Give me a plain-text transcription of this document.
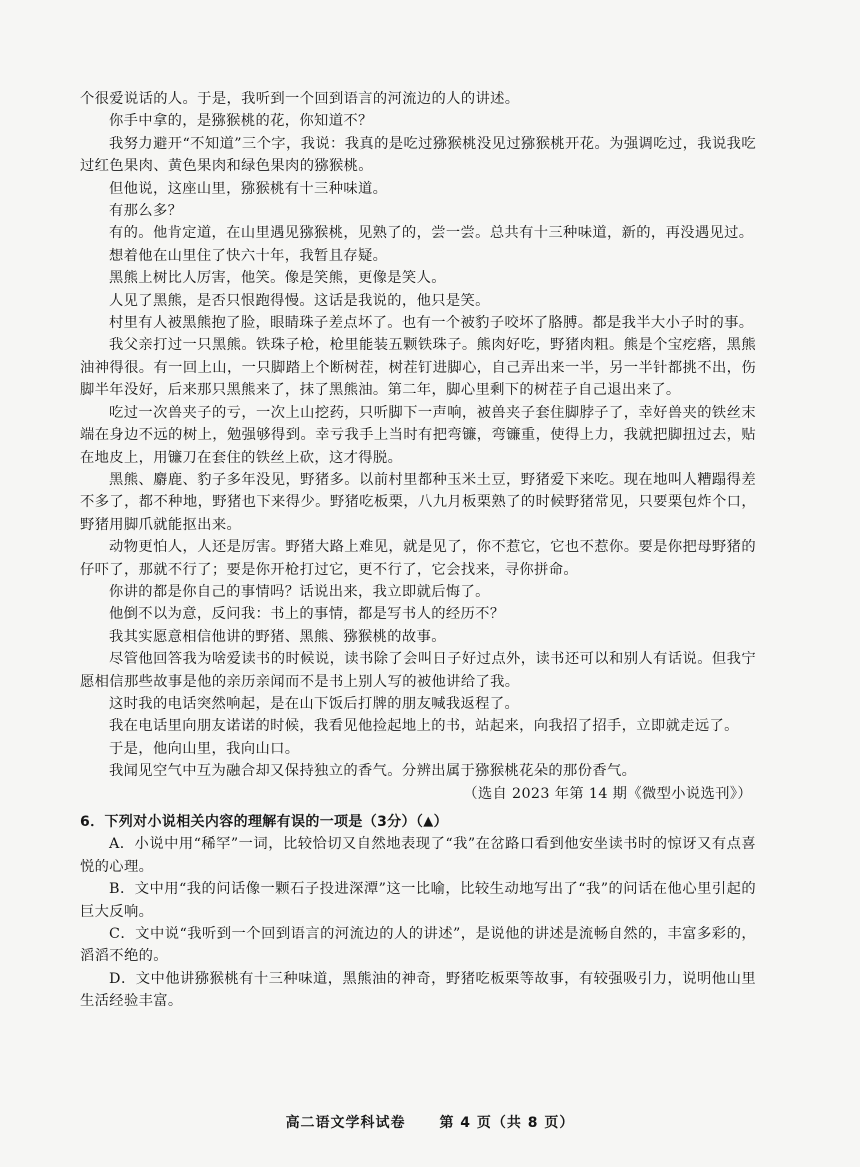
个很爱说话的人。于是，我听到一个回到语言的河流边的人的讲述。

你手中拿的，是猕猴桃的花，你知道不？

我努力避开“不知道”三个字，我说：我真的是吃过猕猴桃没见过猕猴桃开花。为强调吃过，我说我吃过红色果肉、黄色果肉和绿色果肉的猕猴桃。

但他说，这座山里，猕猴桃有十三种味道。

有那么多？

有的。他肯定道，在山里遇见猕猴桃，见熟了的，尝一尝。总共有十三种味道，新的，再没遇见过。

想着他在山里住了快六十年，我暂且存疑。

黑熊上树比人厉害，他笑。像是笑熊，更像是笑人。

人见了黑熊，是否只恨跑得慢。这话是我说的，他只是笑。

村里有人被黑熊抱了脸，眼睛珠子差点坏了。也有一个被豹子咬坏了胳膊。都是我半大小子时的事。

我父亲打过一只黑熊。铁珠子枪，枪里能装五颗铁珠子。熊肉好吃，野猪肉粗。熊是个宝疙瘩，黑熊油神得很。有一回上山，一只脚踏上个断树茬，树茬钉进脚心，自己弄出来一半，另一半针都挑不出，伤脚半年没好，后来那只黑熊来了，抹了黑熊油。第二年，脚心里剩下的树茬子自己退出来了。

吃过一次兽夹子的亏，一次上山挖药，只听脚下一声响，被兽夹子套住脚脖子了，幸好兽夹的铁丝末端在身边不远的树上，勉强够得到。幸亏我手上当时有把弯镰，弯镰重，使得上力，我就把脚扭过去，贴在地皮上，用镰刀在套住的铁丝上砍，这才得脱。

黑熊、麝鹿、豹子多年没见，野猪多。以前村里都种玉米土豆，野猪爱下来吃。现在地叫人糟蹋得差不多了，都不种地，野猪也下来得少。野猪吃板栗，八九月板栗熟了的时候野猪常见，只要栗包炸个口，野猪用脚爪就能抠出来。

动物更怕人，人还是厉害。野猪大路上难见，就是见了，你不惹它，它也不惹你。要是你把母野猪的仔吓了，那就不行了；要是你开枪打过它，更不行了，它会找来，寻你拼命。

你讲的都是你自己的事情吗？话说出来，我立即就后悔了。

他倒不以为意，反问我：书上的事情，都是写书人的经历不？

我其实愿意相信他讲的野猪、黑熊、猕猴桃的故事。

尽管他回答我为啥爱读书的时候说，读书除了会叫日子好过点外，读书还可以和别人有话说。但我宁愿相信那些故事是他的亲历亲闻而不是书上别人写的被他讲给了我。

这时我的电话突然响起，是在山下饭后打牌的朋友喊我返程了。

我在电话里向朋友诺诺的时候，我看见他捡起地上的书，站起来，向我招了招手，立即就走远了。

于是，他向山里，我向山口。

我闻见空气中互为融合却又保持独立的香气。分辨出属于猕猴桃花朵的那份香气。

（选自 2023 年第 14 期《微型小说选刊》）

6．下列对小说相关内容的理解有误的一项是（3分）（▲）

A．小说中用“稀罕”一词，比较恰切又自然地表现了“我”在岔路口看到他安坐读书时的惊讶又有点喜悦的心理。

B．文中用“我的问话像一颗石子投进深潭”这一比喻，比较生动地写出了“我”的问话在他心里引起的巨大反响。

C．文中说“我听到一个回到语言的河流边的人的讲述”，是说他的讲述是流畅自然的，丰富多彩的，滔滔不绝的。

D．文中他讲猕猴桃有十三种味道，黑熊油的神奇，野猪吃板栗等故事，有较强吸引力，说明他山里生活经验丰富。

高二语文学科试卷 第 4 页（共 8 页）
